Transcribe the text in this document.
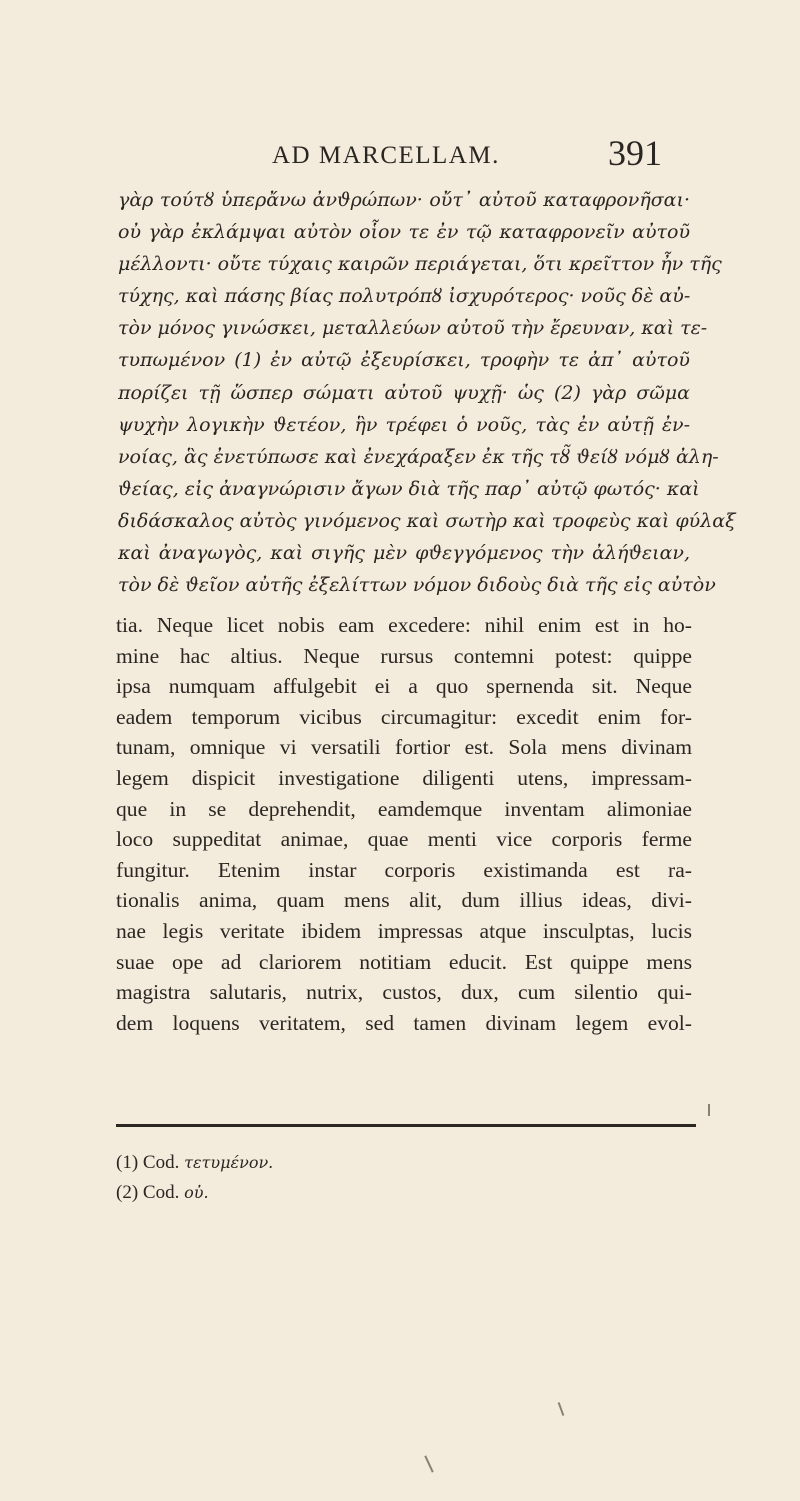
AD MARCELLAM.	391
γὰρ τούτȣ ὑπερἄνω ἀνϑρώπων· οὔτ᾽ αὐτοῦ καταφρονῆσαι·
οὐ γὰρ ἐκλάμψαι αὐτὸν οἷον τε ἐν τῷ καταφρονεῖν αὐτοῦ
μέλλοντι· οὔτε τύχαις καιρῶν περιάγεται, ὅτι κρεῖττον ἦν τῆς
τύχης, καὶ πάσης βίας πολυτρόπȣ ἰσχυρότερος· νοῦς δὲ αὐ-
τὸν μόνος γινώσκει, μεταλλεύων αὐτοῦ τὴν ἔρευναν, καὶ τε-
τυπωμένον (1) ἐν αὐτῷ ἐξευρίσκει, τροφὴν τε ἀπ᾽ αὐτοῦ
πορίζει τῇ ὥσπερ σώματι αὐτοῦ ψυχῇ· ὡς (2) γὰρ σῶμα
ψυχὴν λογικὴν ϑετέον, ἣν τρέφει ὁ νοῦς, τὰς ἐν αὐτῇ ἐν-
νοίας, ἃς ἐνετύπωσε καὶ ἐνεχάραξεν ἐκ τῆς τȣ̃ ϑείȣ νόμȣ ἀλη-
ϑείας, εἰς ἀναγνώρισιν ἄγων διὰ τῆς παρ᾽ αὐτῷ φωτός· καὶ
διδάσκαλος αὐτὸς γινόμενος καὶ σωτὴρ καὶ τροφεὺς καὶ φύλαξ
καὶ ἀναγωγὸς, καὶ σιγῆς μὲν φϑεγγόμενος τὴν ἀλήϑειαν,
τὸν δὲ ϑεῖον αὐτῆς ἐξελίττων νόμον διδοὺς διὰ τῆς εἰς αὐτὸν
tia. Neque licet nobis eam excedere: nihil enim est in ho-
mine hac altius. Neque rursus contemni potest: quippe
ipsa numquam affulgebit ei a quo spernenda sit. Neque
eadem temporum vicibus circumagitur: excedit enim for-
tunam, omnique vi versatili fortior est. Sola mens divinam
legem dispicit investigatione diligenti utens, impressam-
que in se deprehendit, eamdemque inventam alimoniae
loco suppeditat animae, quae menti vice corporis ferme
fungitur. Etenim instar corporis existimanda est ra-
tionalis anima, quam mens alit, dum illius ideas, divi-
nae legis veritate ibidem impressas atque insculptas, lucis
suae ope ad clariorem notitiam educit. Est quippe mens
magistra salutaris, nutrix, custos, dux, cum silentio qui-
dem loquens veritatem, sed tamen divinam legem evol-
(1) Cod. τετυμένον.
(2) Cod. οὐ.
